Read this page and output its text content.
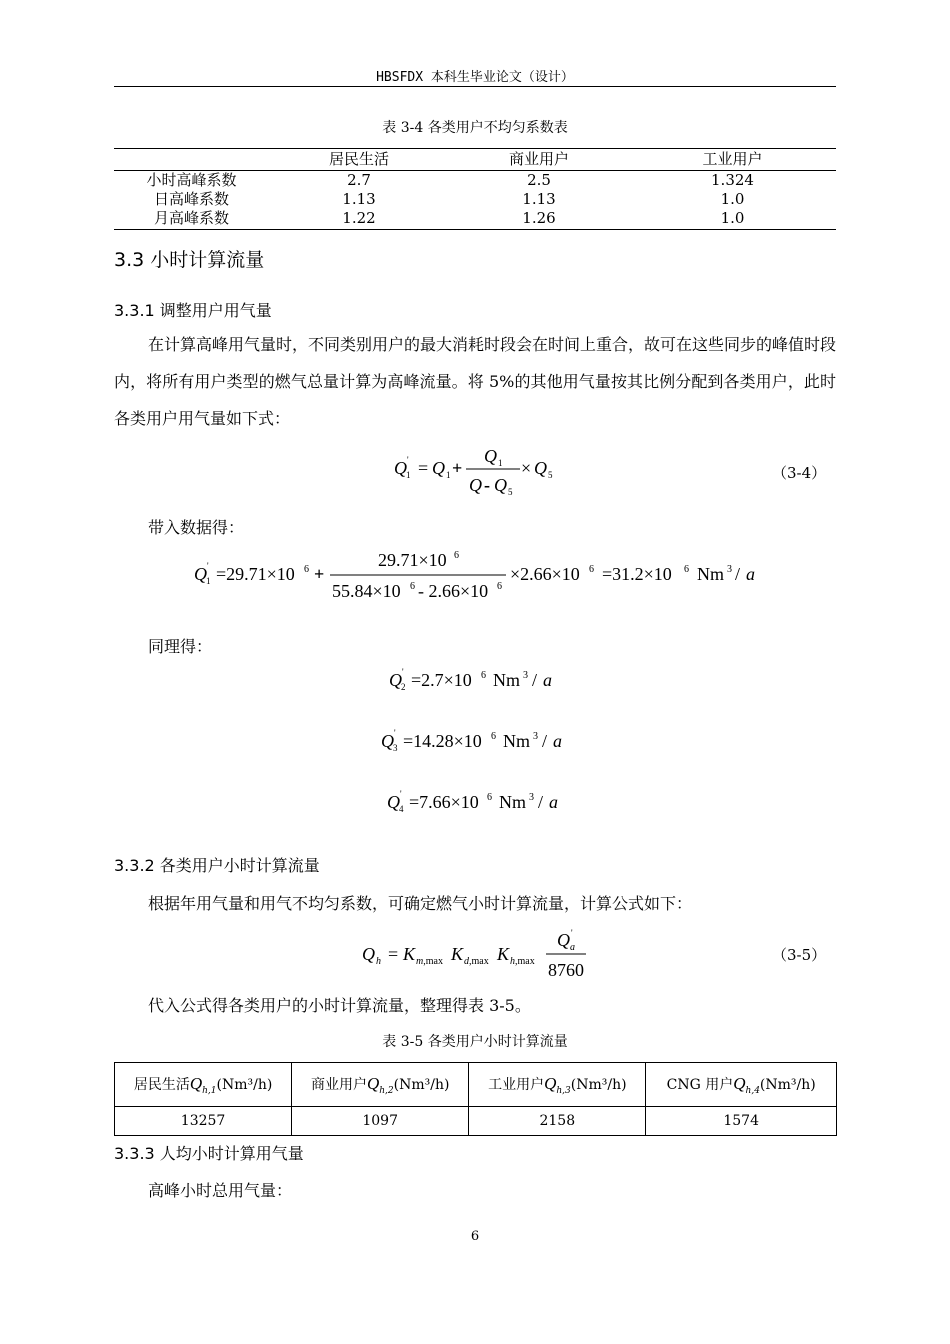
HBSFDX 本科生毕业论文（设计）
表 3-4 各类用户不均匀系数表
	居民生活	商业用户	工业用户

小时高峰系数	2.7	2.5	1.324
日高峰系数	1.13	1.13	1.0
月高峰系数	1.22	1.26	1.0
3.3 小时计算流量
3.3.1 调整用户用气量
在计算高峰用气量时，不同类别用户的最大消耗时段会在时间上重合，故可在这些同步的峰值时段内，将所有用户类型的燃气总量计算为高峰流量。将 5%的其他用气量按其比例分配到各类用户，此时各类用户用气量如下式：
Q '
1 = Q 1 +
Q 1
Q - Q 5
× Q 5	（3-4）
带入数据得：
Q '
1 =29.71×10 6 +
29.71×10 6
55.84×10 6 - 2.66×10 6
×2.66×10 6 =31.2×10 6 Nm 3 / a
同理得：
Q '
2 =2.7×10 6 Nm 3 / a
Q '
3 =14.28×10 6 Nm 3 / a
Q '
4 =7.66×10 6 Nm 3 / a
3.3.2 各类用户小时计算流量
根据年用气量和用气不均匀系数，可确定燃气小时计算流量，计算公式如下：
Q h = K m,max K d,max K h,max
Q '
a
8760
（3-5）
代入公式得各类用户的小时计算流量，整理得表 3-5。
表 3-5 各类用户小时计算流量
居民生活$Q_{h,1}(Nm^3/h)$	商业用户$Q_{h,2}(Nm^3/h)$	工业用户$Q_{h,3}(Nm^3/h)$	CNG 用户$Q_{h,4}(Nm^3/h)$
13257	1097	2158	1574
3.3.3 人均小时计算用气量
高峰小时总用气量：
6
